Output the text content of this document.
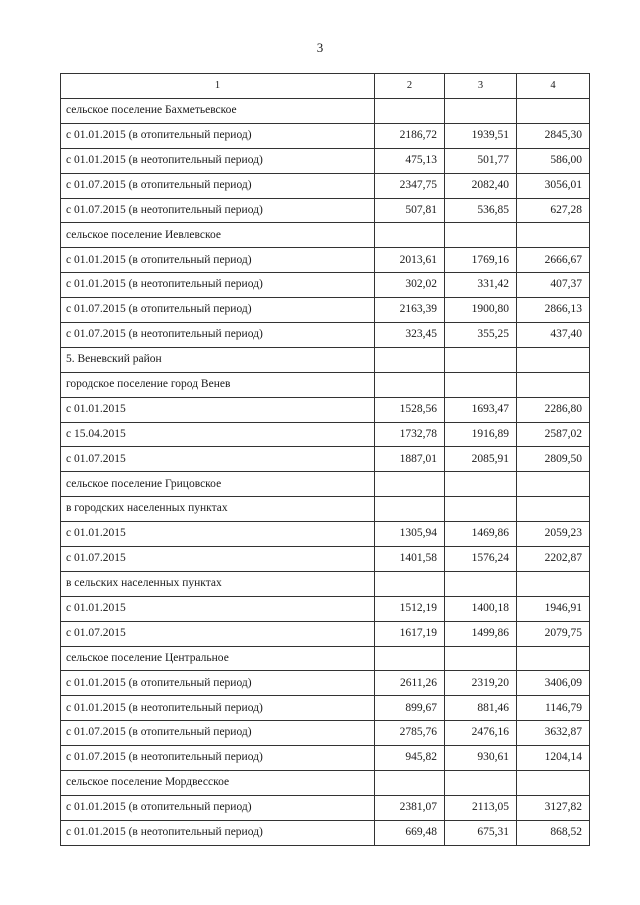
3
1	2	3	4
сельское поселение Бахметьевское			
с 01.01.2015 (в отопительный период)	2186,72	1939,51	2845,30
с 01.01.2015 (в неотопительный период)	475,13	501,77	586,00
с 01.07.2015 (в отопительный период)	2347,75	2082,40	3056,01
с 01.07.2015 (в неотопительный период)	507,81	536,85	627,28
сельское поселение Иевлевское			
с 01.01.2015 (в отопительный период)	2013,61	1769,16	2666,67
с 01.01.2015 (в неотопительный период)	302,02	331,42	407,37
с 01.07.2015 (в отопительный период)	2163,39	1900,80	2866,13
с 01.07.2015 (в неотопительный период)	323,45	355,25	437,40
5. Веневский район			
городское поселение город Венев			
с 01.01.2015	1528,56	1693,47	2286,80
с 15.04.2015	1732,78	1916,89	2587,02
с 01.07.2015	1887,01	2085,91	2809,50
сельское поселение Грицовское			
в городских населенных пунктах			
с 01.01.2015	1305,94	1469,86	2059,23
с 01.07.2015	1401,58	1576,24	2202,87
в сельских населенных пунктах			
с 01.01.2015	1512,19	1400,18	1946,91
с 01.07.2015	1617,19	1499,86	2079,75
сельское поселение Центральное			
с 01.01.2015 (в отопительный период)	2611,26	2319,20	3406,09
с 01.01.2015 (в неотопительный период)	899,67	881,46	1146,79
с 01.07.2015 (в отопительный период)	2785,76	2476,16	3632,87
с 01.07.2015 (в неотопительный период)	945,82	930,61	1204,14
сельское поселение Мордвесское			
с 01.01.2015 (в отопительный период)	2381,07	2113,05	3127,82
с 01.01.2015 (в неотопительный период)	669,48	675,31	868,52
